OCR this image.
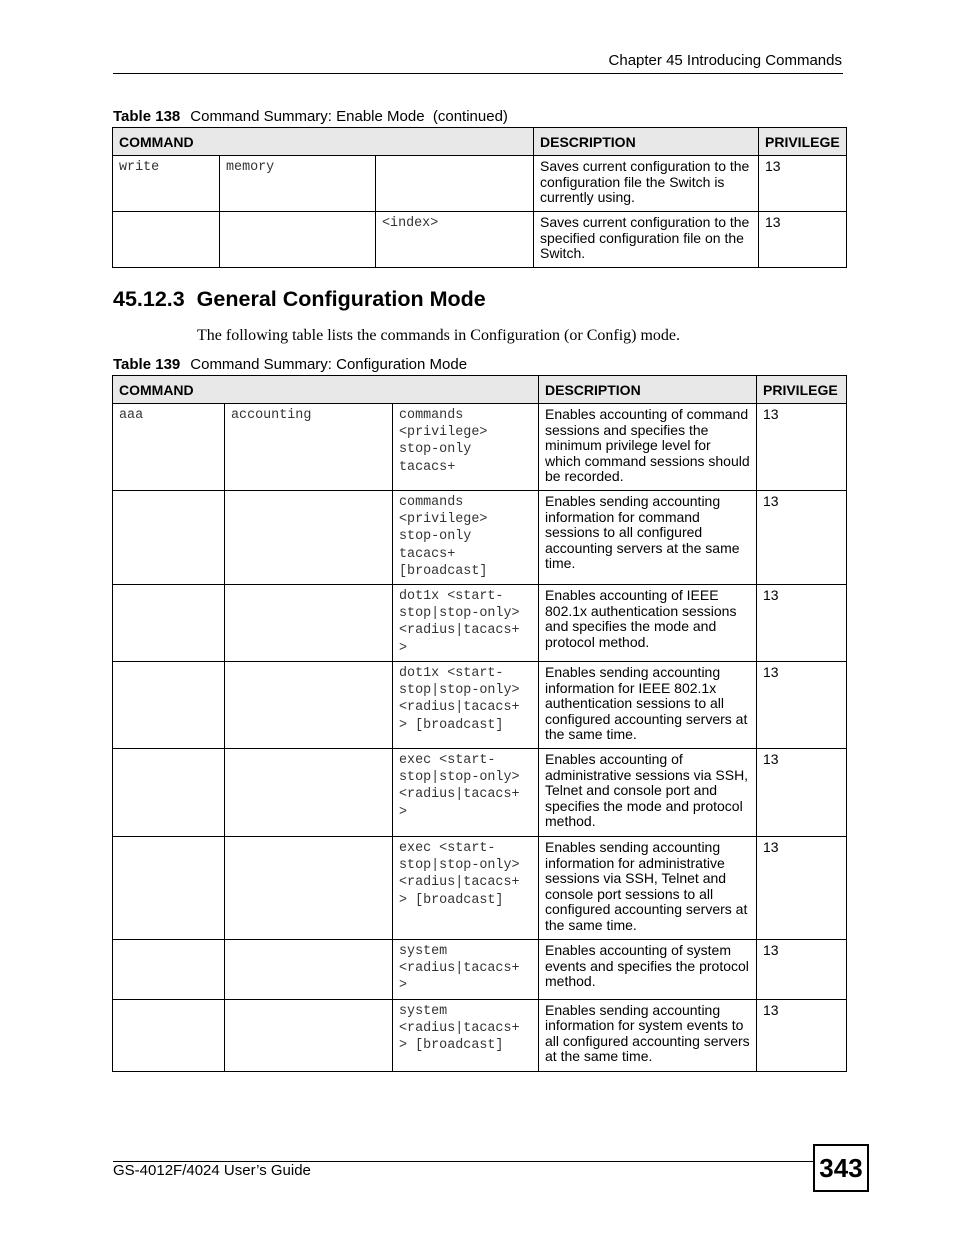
Chapter 45 Introducing Commands
Table 138 Command Summary: Enable Mode  (continued)
COMMAND			DESCRIPTION	PRIVILEGE
write	memory		Saves current configuration to the configuration file the Switch is currently using.	13
		<index>	Saves current configuration to the specified configuration file on the Switch.	13
45.12.3  General Configuration Mode
The following table lists the commands in Configuration (or Config) mode.
Table 139 Command Summary: Configuration Mode
COMMAND			DESCRIPTION	PRIVILEGE
aaa	accounting	commands
<privilege>
stop-only
tacacs+	Enables accounting of command sessions and specifies the minimum privilege level for which command sessions should be recorded.	13
		commands
<privilege>
stop-only
tacacs+
[broadcast]	Enables sending accounting information for command sessions to all configured accounting servers at the same time.	13
		dot1x <start-
stop|stop-only>
<radius|tacacs+
>	Enables accounting of IEEE 802.1x authentication sessions and specifies the mode and protocol method.	13
		dot1x <start-
stop|stop-only>
<radius|tacacs+
> [broadcast]	Enables sending accounting information for IEEE 802.1x authentication sessions to all configured accounting servers at the same time.	13
		exec <start-
stop|stop-only>
<radius|tacacs+
>	Enables accounting of administrative sessions via SSH, Telnet and console port and specifies the mode and protocol method.	13
		exec <start-
stop|stop-only>
<radius|tacacs+
> [broadcast]	Enables sending accounting information for administrative sessions via SSH, Telnet and console port sessions to all configured accounting servers at the same time.	13
		system
<radius|tacacs+
>	Enables accounting of system events and specifies the protocol method.	13
		system
<radius|tacacs+
> [broadcast]	Enables sending accounting information for system events to all configured accounting servers at the same time.	13
GS-4012F/4024 User’s Guide	343
